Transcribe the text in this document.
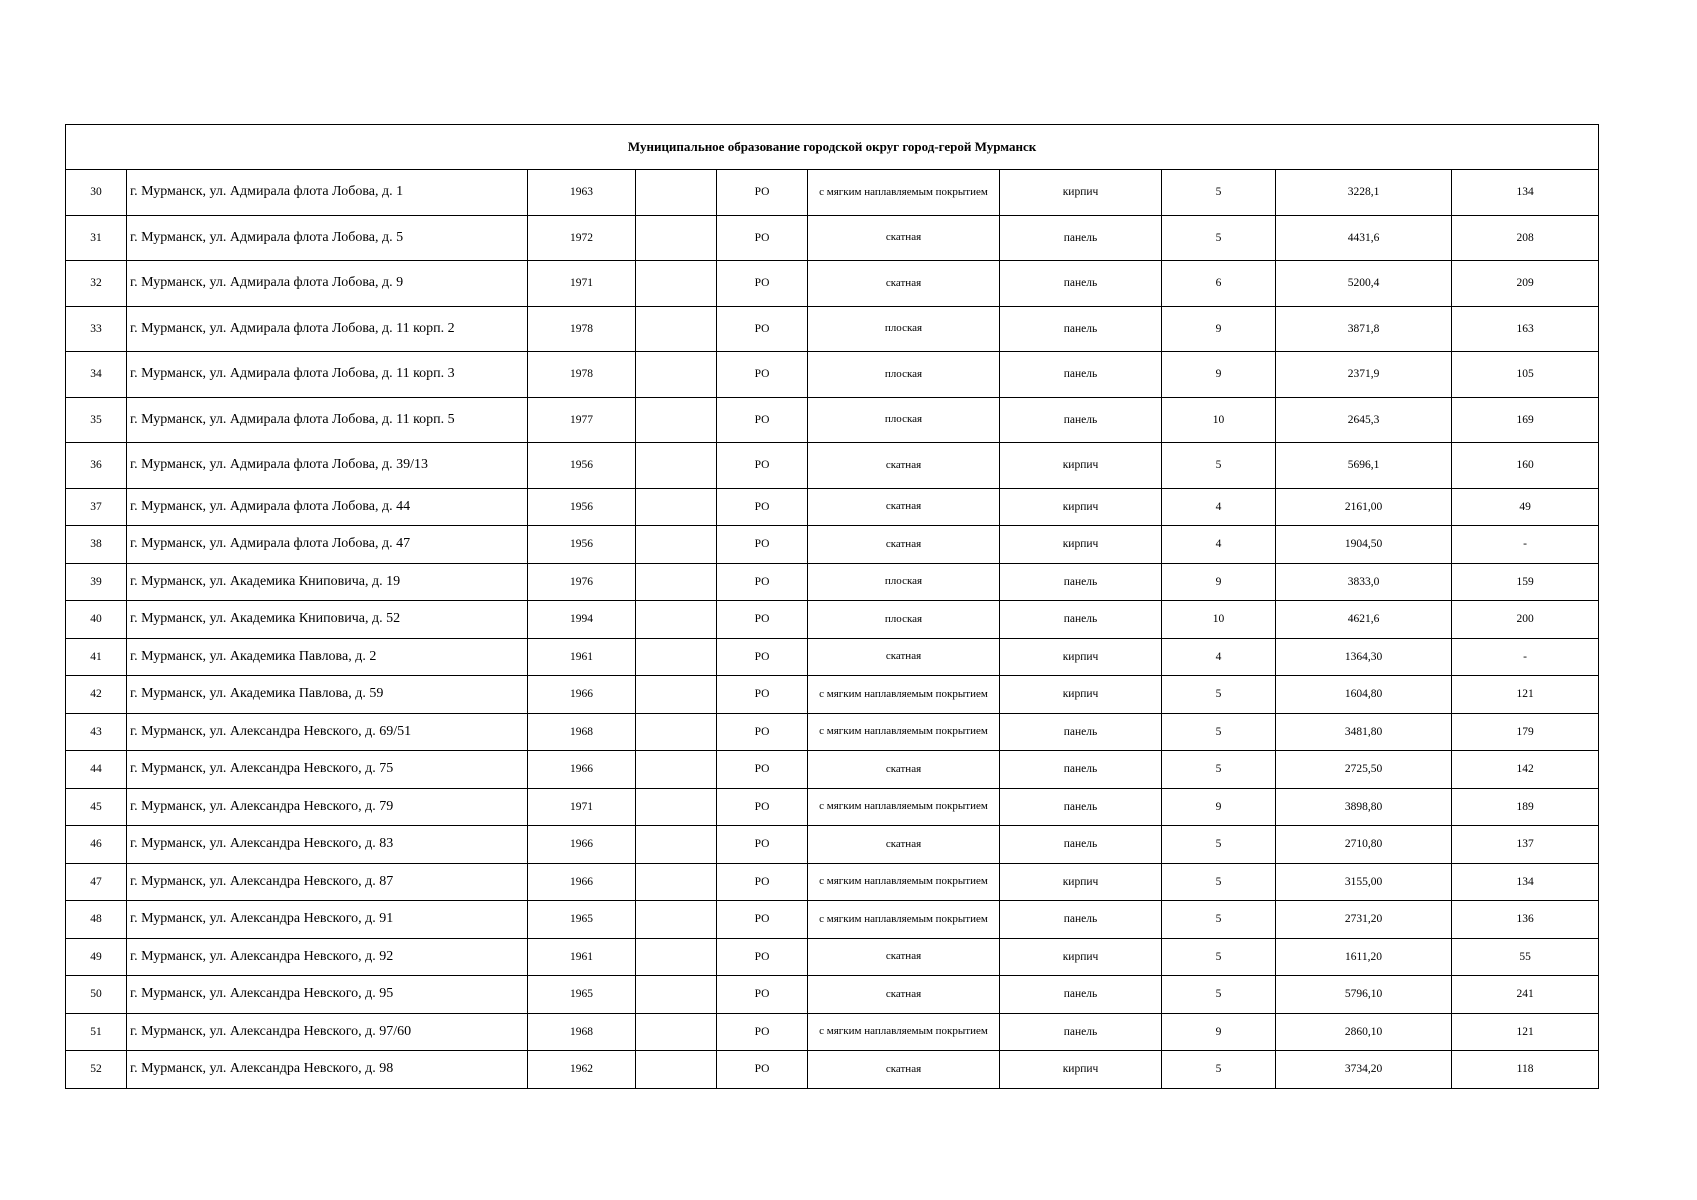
Муниципальное образование городской округ город-герой Мурманск									
30	г. Мурманск, ул. Адмирала флота Лобова, д. 1	1963		РО	с мягким наплавляемым покрытием	кирпич	5	3228,1	134
31	г. Мурманск, ул. Адмирала флота Лобова, д. 5	1972		РО	скатная	панель	5	4431,6	208
32	г. Мурманск, ул. Адмирала флота Лобова, д. 9	1971		РО	скатная	панель	6	5200,4	209
33	г. Мурманск, ул. Адмирала флота Лобова, д. 11 корп. 2	1978		РО	плоская	панель	9	3871,8	163
34	г. Мурманск, ул. Адмирала флота Лобова, д. 11 корп. 3	1978		РО	плоская	панель	9	2371,9	105
35	г. Мурманск, ул. Адмирала флота Лобова, д. 11 корп. 5	1977		РО	плоская	панель	10	2645,3	169
36	г. Мурманск, ул. Адмирала флота Лобова, д. 39/13	1956		РО	скатная	кирпич	5	5696,1	160
37	г. Мурманск, ул. Адмирала флота Лобова, д. 44	1956		РО	скатная	кирпич	4	2161,00	49
38	г. Мурманск, ул. Адмирала флота Лобова, д. 47	1956		РО	скатная	кирпич	4	1904,50	-
39	г. Мурманск, ул. Академика Книповича, д. 19	1976		РО	плоская	панель	9	3833,0	159
40	г. Мурманск, ул. Академика Книповича, д. 52	1994		РО	плоская	панель	10	4621,6	200
41	г. Мурманск, ул. Академика Павлова, д. 2	1961		РО	скатная	кирпич	4	1364,30	-
42	г. Мурманск, ул. Академика Павлова, д. 59	1966		РО	с мягким наплавляемым покрытием	кирпич	5	1604,80	121
43	г. Мурманск, ул. Александра Невского, д. 69/51	1968		РО	с мягким наплавляемым покрытием	панель	5	3481,80	179
44	г. Мурманск, ул. Александра Невского, д. 75	1966		РО	скатная	панель	5	2725,50	142
45	г. Мурманск, ул. Александра Невского, д. 79	1971		РО	с мягким наплавляемым покрытием	панель	9	3898,80	189
46	г. Мурманск, ул. Александра Невского, д. 83	1966		РО	скатная	панель	5	2710,80	137
47	г. Мурманск, ул. Александра Невского, д. 87	1966		РО	с мягким наплавляемым покрытием	кирпич	5	3155,00	134
48	г. Мурманск, ул. Александра Невского, д. 91	1965		РО	с мягким наплавляемым покрытием	панель	5	2731,20	136
49	г. Мурманск, ул. Александра Невского, д. 92	1961		РО	скатная	кирпич	5	1611,20	55
50	г. Мурманск, ул. Александра Невского, д. 95	1965		РО	скатная	панель	5	5796,10	241
51	г. Мурманск, ул. Александра Невского, д. 97/60	1968		РО	с мягким наплавляемым покрытием	панель	9	2860,10	121
52	г. Мурманск, ул. Александра Невского, д. 98	1962		РО	скатная	кирпич	5	3734,20	118
